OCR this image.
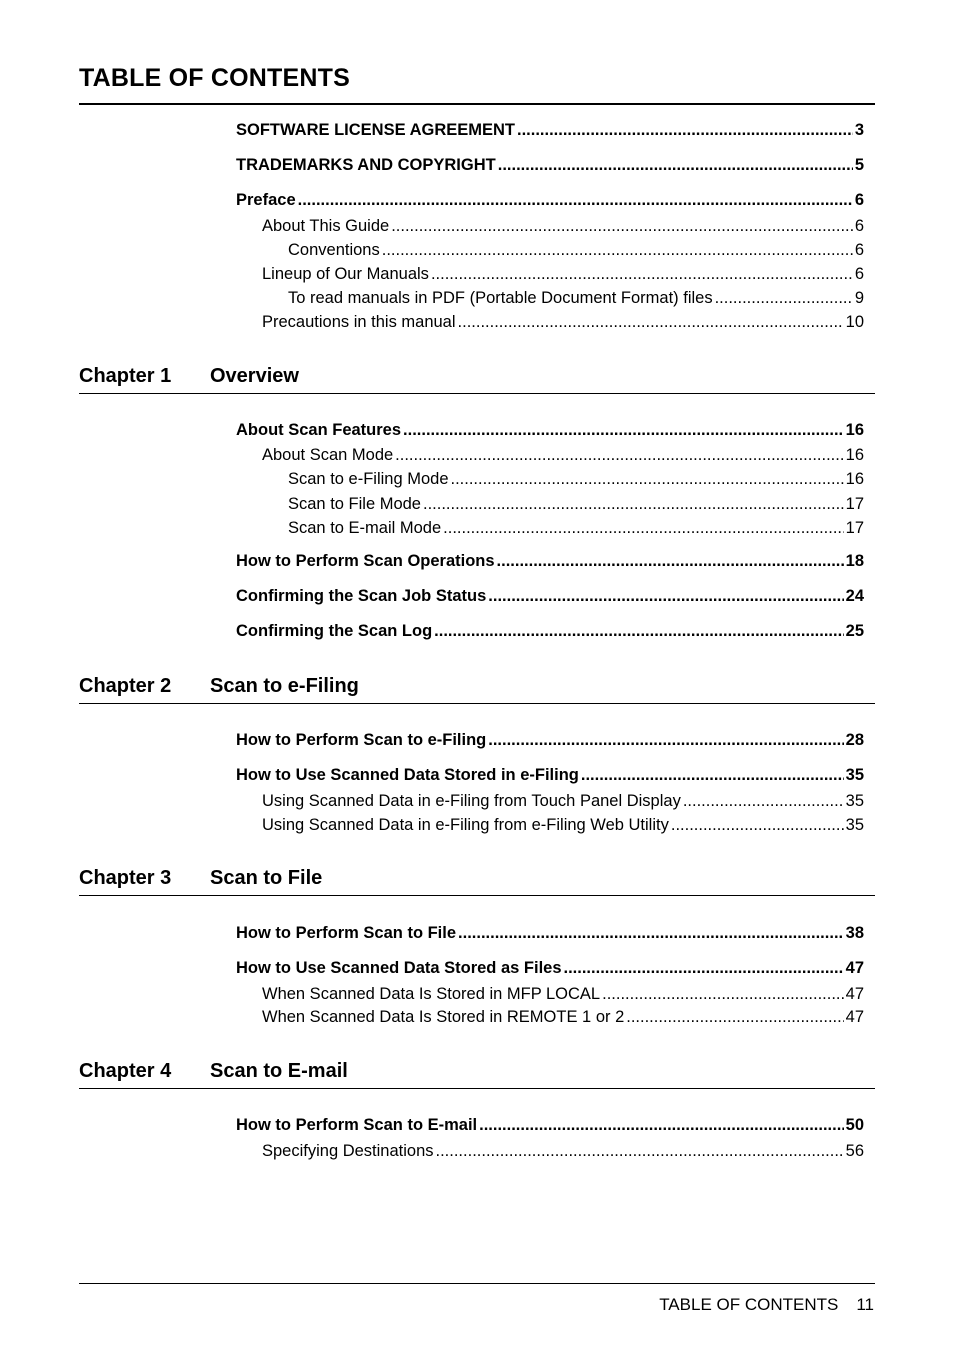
TABLE OF CONTENTS
SOFTWARE LICENSE AGREEMENT .....	3
TRADEMARKS AND COPYRIGHT .....	5
Preface .....	6
About This Guide .....	6
Conventions .....	6
Lineup of Our Manuals .....	6
To read manuals in PDF (Portable Document Format) files .....	9
Precautions in this manual .....	10
Chapter 1 Overview
About Scan Features .....	16
About Scan Mode .....	16
Scan to e-Filing Mode .....	16
Scan to File Mode .....	17
Scan to E-mail Mode .....	17
How to Perform Scan Operations .....	18
Confirming the Scan Job Status .....	24
Confirming the Scan Log .....	25
Chapter 2 Scan to e-Filing
How to Perform Scan to e-Filing .....	28
How to Use Scanned Data Stored in e-Filing .....	35
Using Scanned Data in e-Filing from Touch Panel Display .....	35
Using Scanned Data in e-Filing from e-Filing Web Utility .....	35
Chapter 3 Scan to File
How to Perform Scan to File .....	38
How to Use Scanned Data Stored as Files .....	47
When Scanned Data Is Stored in MFP LOCAL .....	47
When Scanned Data Is Stored in REMOTE 1 or 2 .....	47
Chapter 4 Scan to E-mail
How to Perform Scan to E-mail .....	50
Specifying Destinations .....	56
TABLE OF CONTENTS 11
